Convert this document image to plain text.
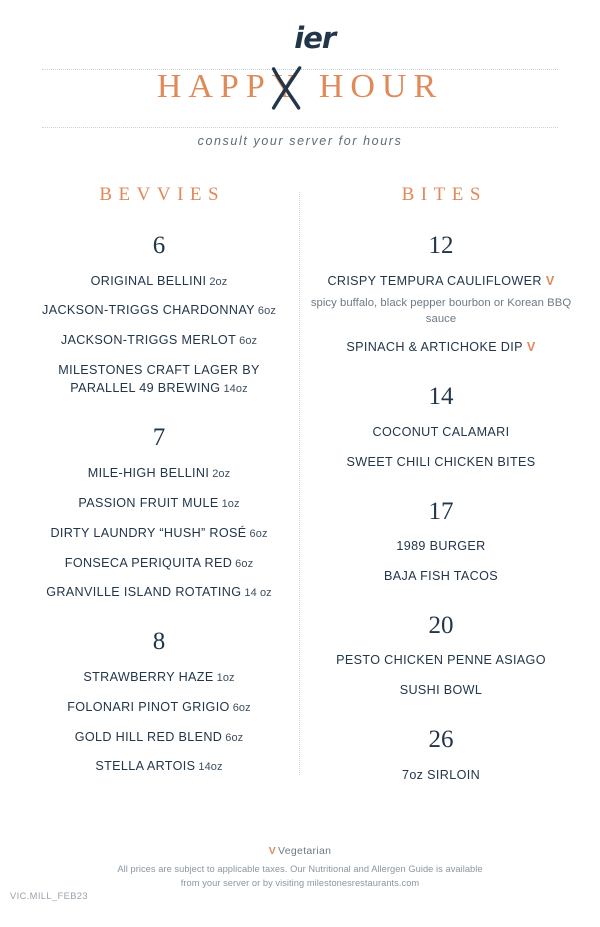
HAPPY
HOUR
ier
consult your server for hours
BEVVIES
6
ORIGINAL BELLINI 2oz
JACKSON-TRIGGS CHARDONNAY 6oz
JACKSON-TRIGGS MERLOT 6oz
MILESTONES CRAFT LAGER BY PARALLEL 49 BREWING 14oz
7
MILE-HIGH BELLINI 2oz
PASSION FRUIT MULE 1oz
DIRTY LAUNDRY “HUSH” ROSÉ 6oz
FONSECA PERIQUITA RED 6oz
GRANVILLE ISLAND ROTATING 14 oz
8
STRAWBERRY HAZE 1oz
FOLONARI PINOT GRIGIO 6oz
GOLD HILL RED BLEND 6oz
STELLA ARTOIS 14oz
BITES
12
CRISPY TEMPURA CAULIFLOWER V
spicy buffalo, black pepper bourbon or Korean BBQ sauce
SPINACH & ARTICHOKE DIP V
14
COCONUT CALAMARI
SWEET CHILI CHICKEN BITES
17
1989 BURGER
BAJA FISH TACOS
20
PESTO CHICKEN PENNE ASIAGO
SUSHI BOWL
26
7oz SIRLOIN
V Vegetarian
All prices are subject to applicable taxes. Our Nutritional and Allergen Guide is available
from your server or by visiting milestonesrestaurants.com
VIC.MILL_FEB23
